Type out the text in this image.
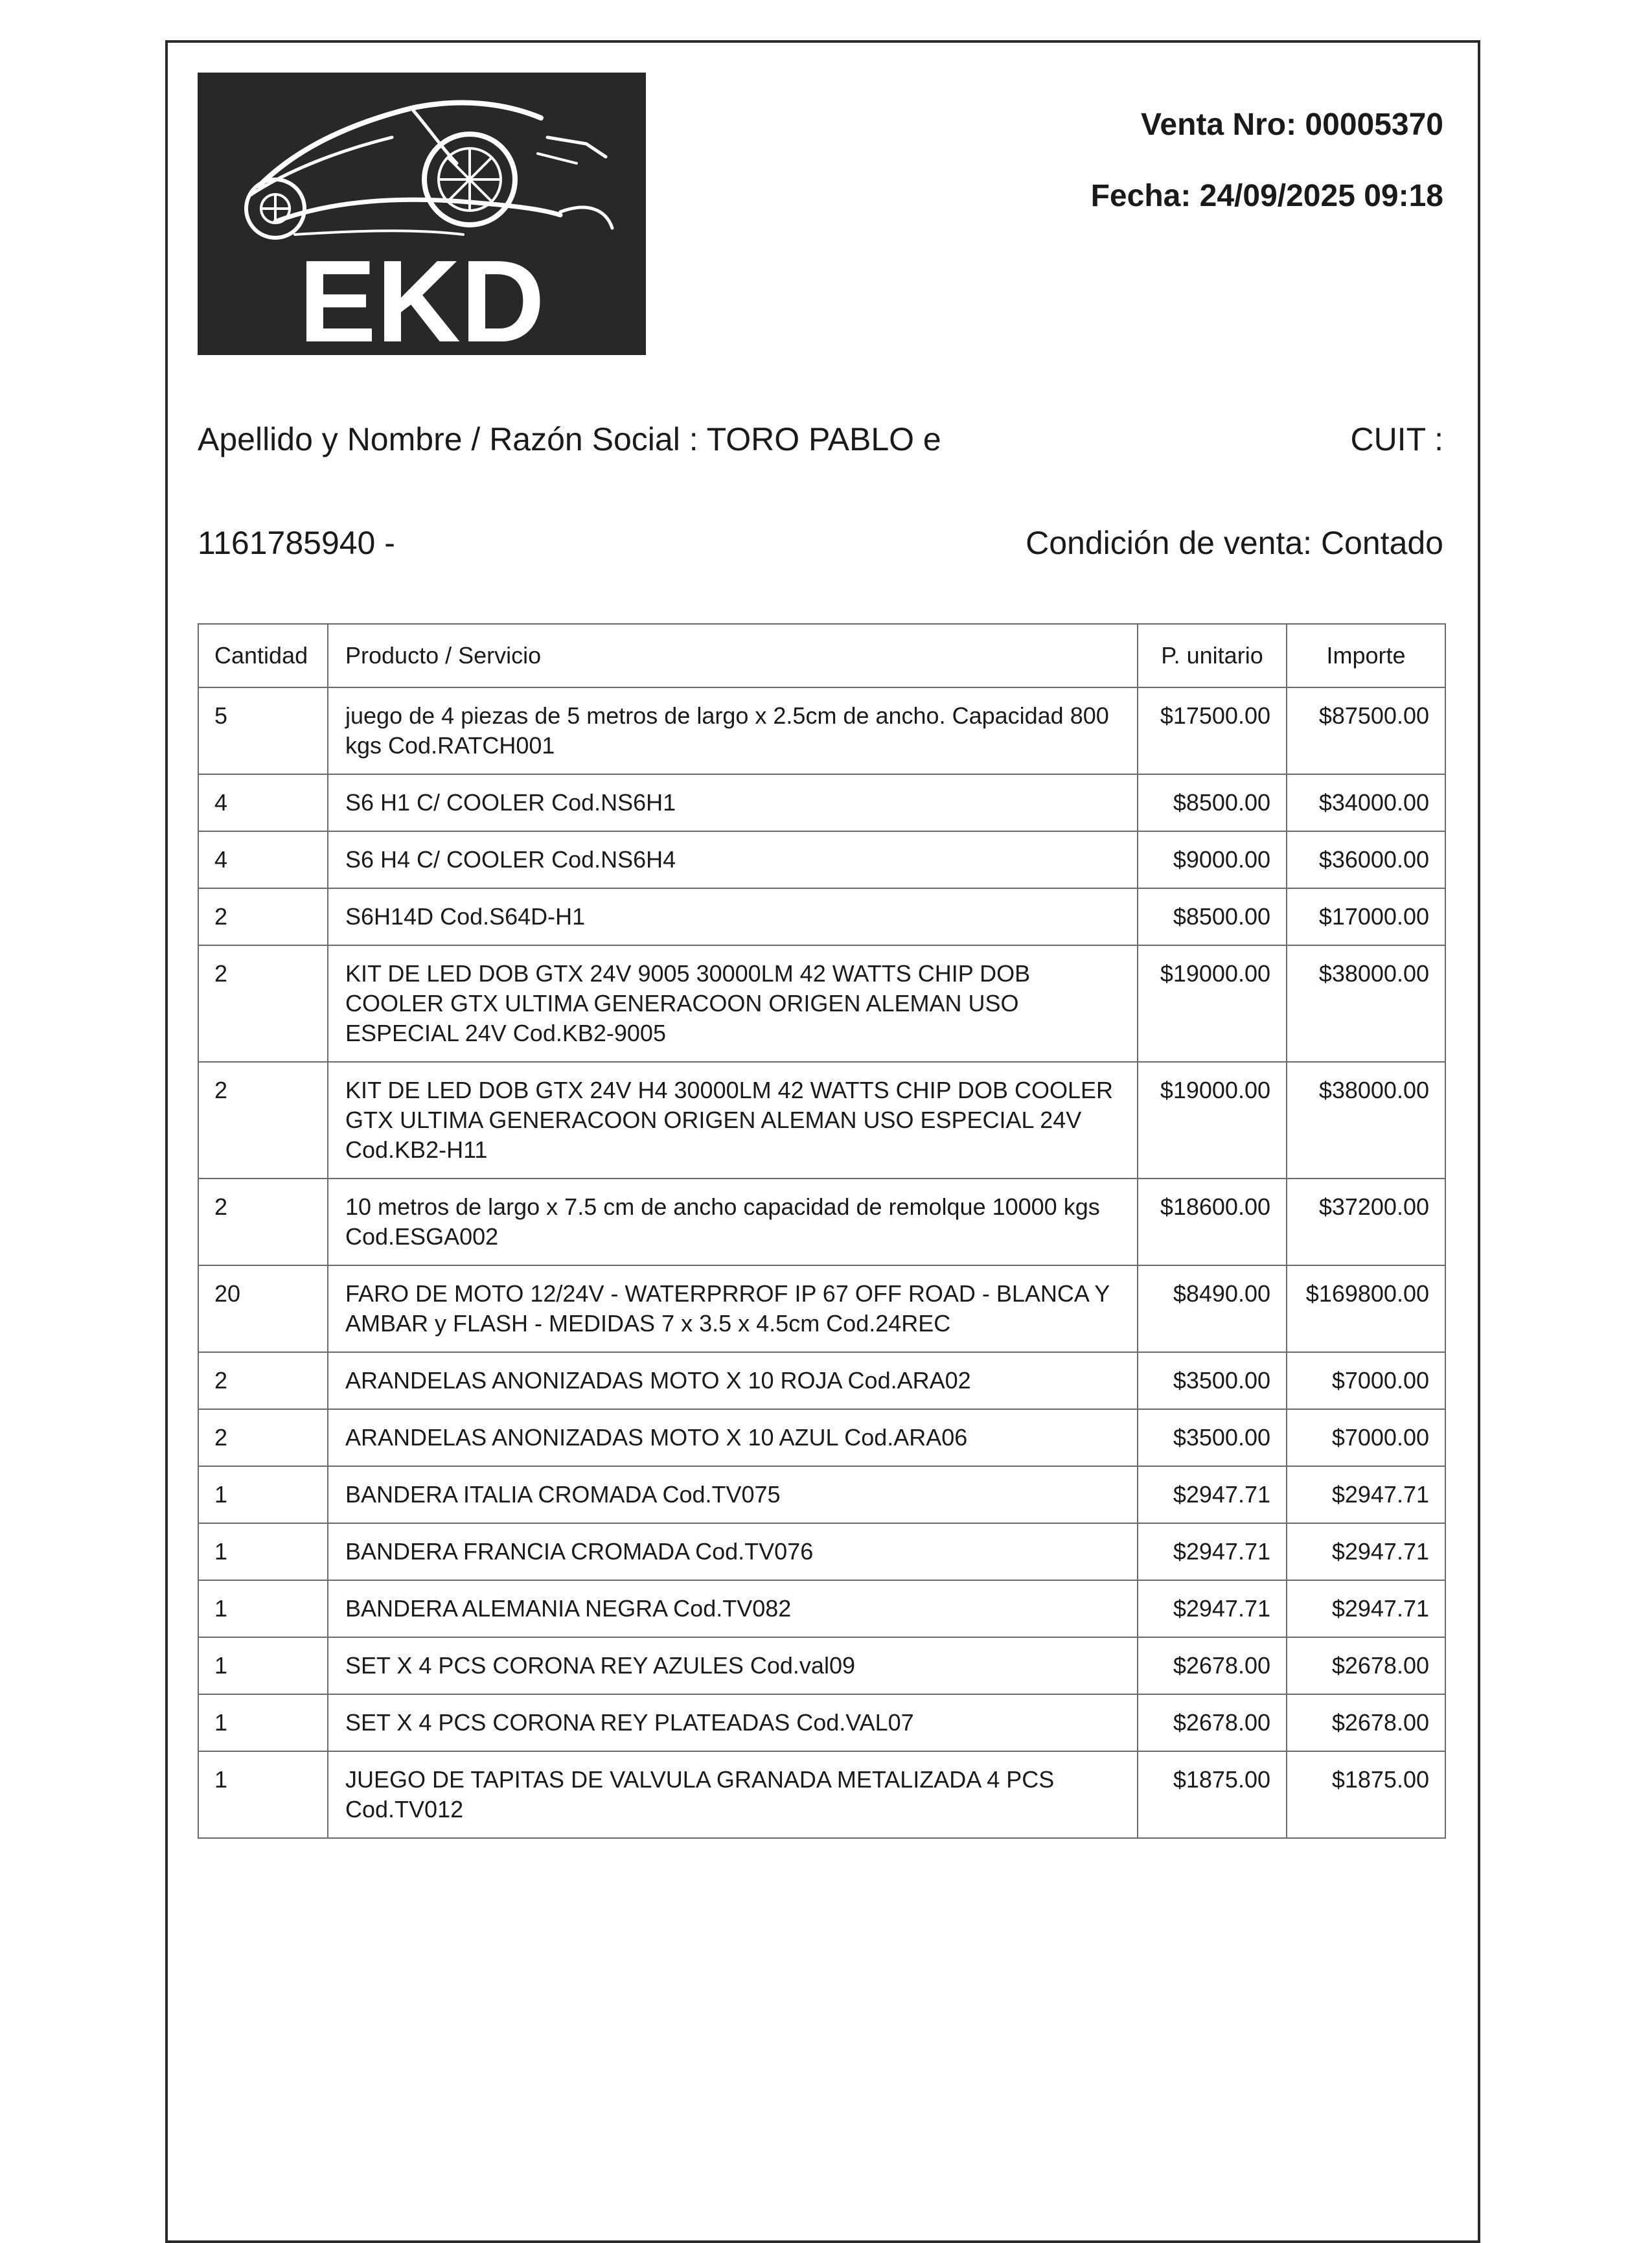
EKD

Venta Nro: 00005370

Fecha: 24/09/2025 09:18

Apellido y Nombre / Razón Social : TORO PABLO e	CUIT :
1161785940 -	Condición de venta: Contado
Cantidad	Producto / Servicio	P. unitario	Importe
5	juego de 4 piezas de 5 metros de largo x 2.5cm de ancho. Capacidad 800 kgs Cod.RATCH001	$17500.00	$87500.00
4	S6 H1 C/ COOLER Cod.NS6H1	$8500.00	$34000.00
4	S6 H4 C/ COOLER Cod.NS6H4	$9000.00	$36000.00
2	S6H14D Cod.S64D-H1	$8500.00	$17000.00
2	KIT DE LED DOB GTX 24V 9005 30000LM 42 WATTS CHIP DOB COOLER GTX ULTIMA GENERACOON ORIGEN ALEMAN USO ESPECIAL 24V Cod.KB2-9005	$19000.00	$38000.00
2	KIT DE LED DOB GTX 24V H4 30000LM 42 WATTS CHIP DOB COOLER GTX ULTIMA GENERACOON ORIGEN ALEMAN USO ESPECIAL 24V Cod.KB2-H11	$19000.00	$38000.00
2	10 metros de largo x 7.5 cm de ancho capacidad de remolque 10000 kgs Cod.ESGA002	$18600.00	$37200.00
20	FARO DE MOTO 12/24V - WATERPRROF IP 67 OFF ROAD - BLANCA Y AMBAR y FLASH - MEDIDAS 7 x 3.5 x 4.5cm Cod.24REC	$8490.00	$169800.00
2	ARANDELAS ANONIZADAS MOTO X 10 ROJA Cod.ARA02	$3500.00	$7000.00
2	ARANDELAS ANONIZADAS MOTO X 10 AZUL Cod.ARA06	$3500.00	$7000.00
1	BANDERA ITALIA CROMADA Cod.TV075	$2947.71	$2947.71
1	BANDERA FRANCIA CROMADA Cod.TV076	$2947.71	$2947.71
1	BANDERA ALEMANIA NEGRA Cod.TV082	$2947.71	$2947.71
1	SET X 4 PCS CORONA REY AZULES Cod.val09	$2678.00	$2678.00
1	SET X 4 PCS CORONA REY PLATEADAS Cod.VAL07	$2678.00	$2678.00
1	JUEGO DE TAPITAS DE VALVULA GRANADA METALIZADA 4 PCS Cod.TV012	$1875.00	$1875.00
